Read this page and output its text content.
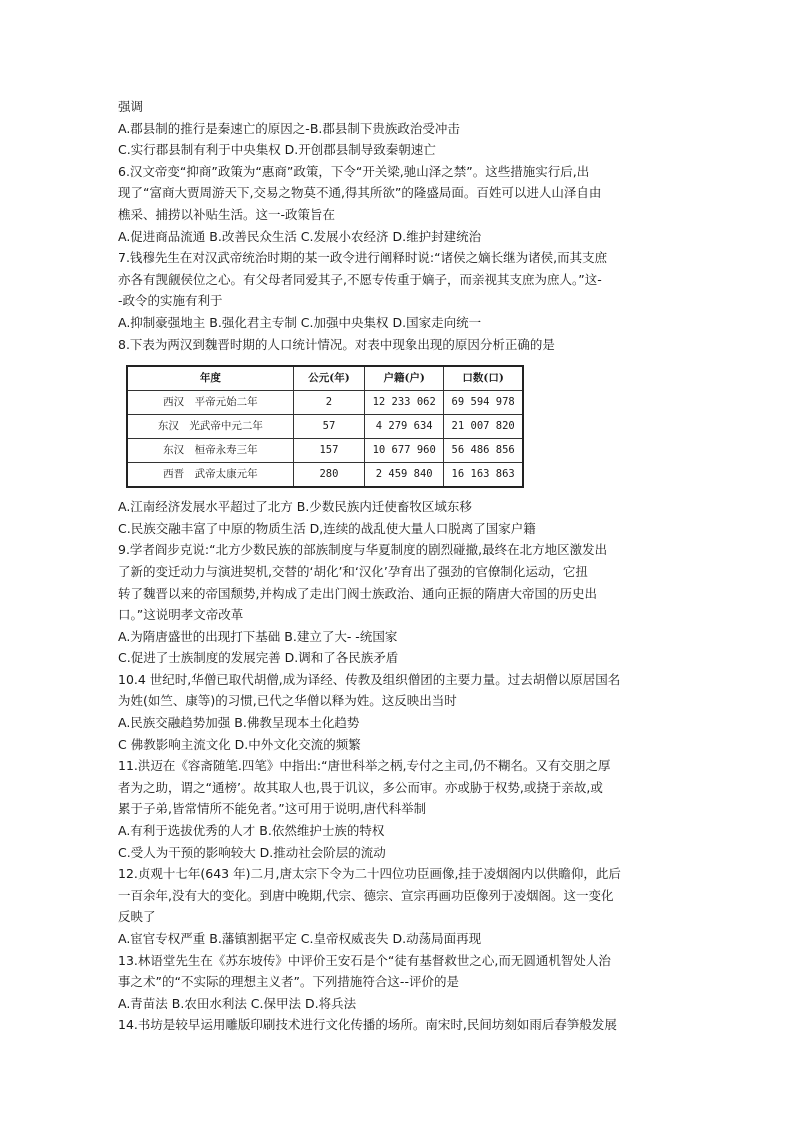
强调
A.郡县制的推行是秦速亡的原因之-B.郡县制下贵族政治受冲击
C.实行郡县制有利于中央集权 D.开创郡县制导致秦朝速亡
6.汉文帝变“抑商”政策为“惠商”政策，下令“开关梁,驰山泽之禁”。这些措施实行后,出
现了“富商大贾周游天下,交易之物莫不通,得其所欲”的隆盛局面。百姓可以进人山泽自由
樵采、捕捞以补贴生活。这一-政策旨在
A.促进商品流通 B.改善民众生活 C.发展小农经济 D.维护封建统治
7.钱穆先生在对汉武帝统治时期的某一政令进行阐释时说:“诸侯之嫡长继为诸侯,而其支庶
亦各有觊觎侯位之心。有父母者同爱其子,不愿专传重于嫡子，而亲视其支庶为庶人。”这-
-政令的实施有利于
A.抑制豪强地主 B.强化君主专制 C.加强中央集权 D.国家走向统一
8.下表为两汉到魏晋时期的人口统计情况。对表中现象出现的原因分析正确的是
年度	公元(年)	户籍(户)	口数(口)
西汉　平帝元始二年	2	12 233 062	69 594 978
东汉　光武帝中元二年	57	4 279 634	21 007 820
东汉　桓帝永寿三年	157	10 677 960	56 486 856
西晋　武帝太康元年	280	2 459 840	16 163 863
A.江南经济发展水平超过了北方 B.少数民族内迁使畜牧区域东移
C.民族交融丰富了中原的物质生活 D,连续的战乱使大量人口脱离了国家户籍
9.学者阎步克说:“北方少数民族的部族制度与华夏制度的剧烈碰撤,最终在北方地区激发出
了新的变迁动力与演进契机,交替的‘胡化’和‘汉化’孕育出了强劲的官僚制化运动，它扭
转了魏晋以来的帝国颓势,并构成了走出门阀士族政治、通向正振的隋唐大帝国的历史出
口。”这说明孝文帝改革
A.为隋唐盛世的出现打下基础 B.建立了大- -统国家
C.促进了士族制度的发展完善 D.调和了各民族矛盾
10.4 世纪时,华僧已取代胡僧,成为译经、传教及组织僧团的主要力量。过去胡僧以原居国名
为姓(如竺、康等)的习惯,已代之华僧以释为姓。这反映出当时
A.民族交融趋势加强 B.佛教呈现本土化趋势
C 佛教影响主流文化 D.中外文化交流的频繁
11.洪迈在《容斋随笔.四笔》中指出:“唐世科举之柄,专付之主司,仍不糊名。又有交朋之厚
者为之助，谓之“通榜’。故其取人也,畏于讥议，多公而审。亦或胁于权势,或挠于亲故,或
累于子弟,皆常情所不能免者。”这可用于说明,唐代科举制
A.有利于选拔优秀的人才 B.依然维护士族的特权
C.受人为干预的影响较大 D.推动社会阶层的流动
12.贞观十七年(643 年)二月,唐太宗下令为二十四位功臣画像,挂于凌烟阁内以供瞻仰，此后
一百余年,没有大的变化。到唐中晚期,代宗、德宗、宣宗再画功臣像列于凌烟阁。这一变化
反映了
A.宦官专权严重 B.藩镇割据平定 C.皇帝权威丧失 D.动荡局面再现
13.林语堂先生在《苏东坡传》中评价王安石是个“徒有基督救世之心,而无圆通机智处人治
事之术”的“不实际的理想主义者”。下列措施符合这--评价的是
A.青苗法 B.农田水利法 C.保甲法 D.将兵法
14.书坊是较早运用雕版印刷技术进行文化传播的场所。南宋时,民间坊刻如雨后春笋般发展
